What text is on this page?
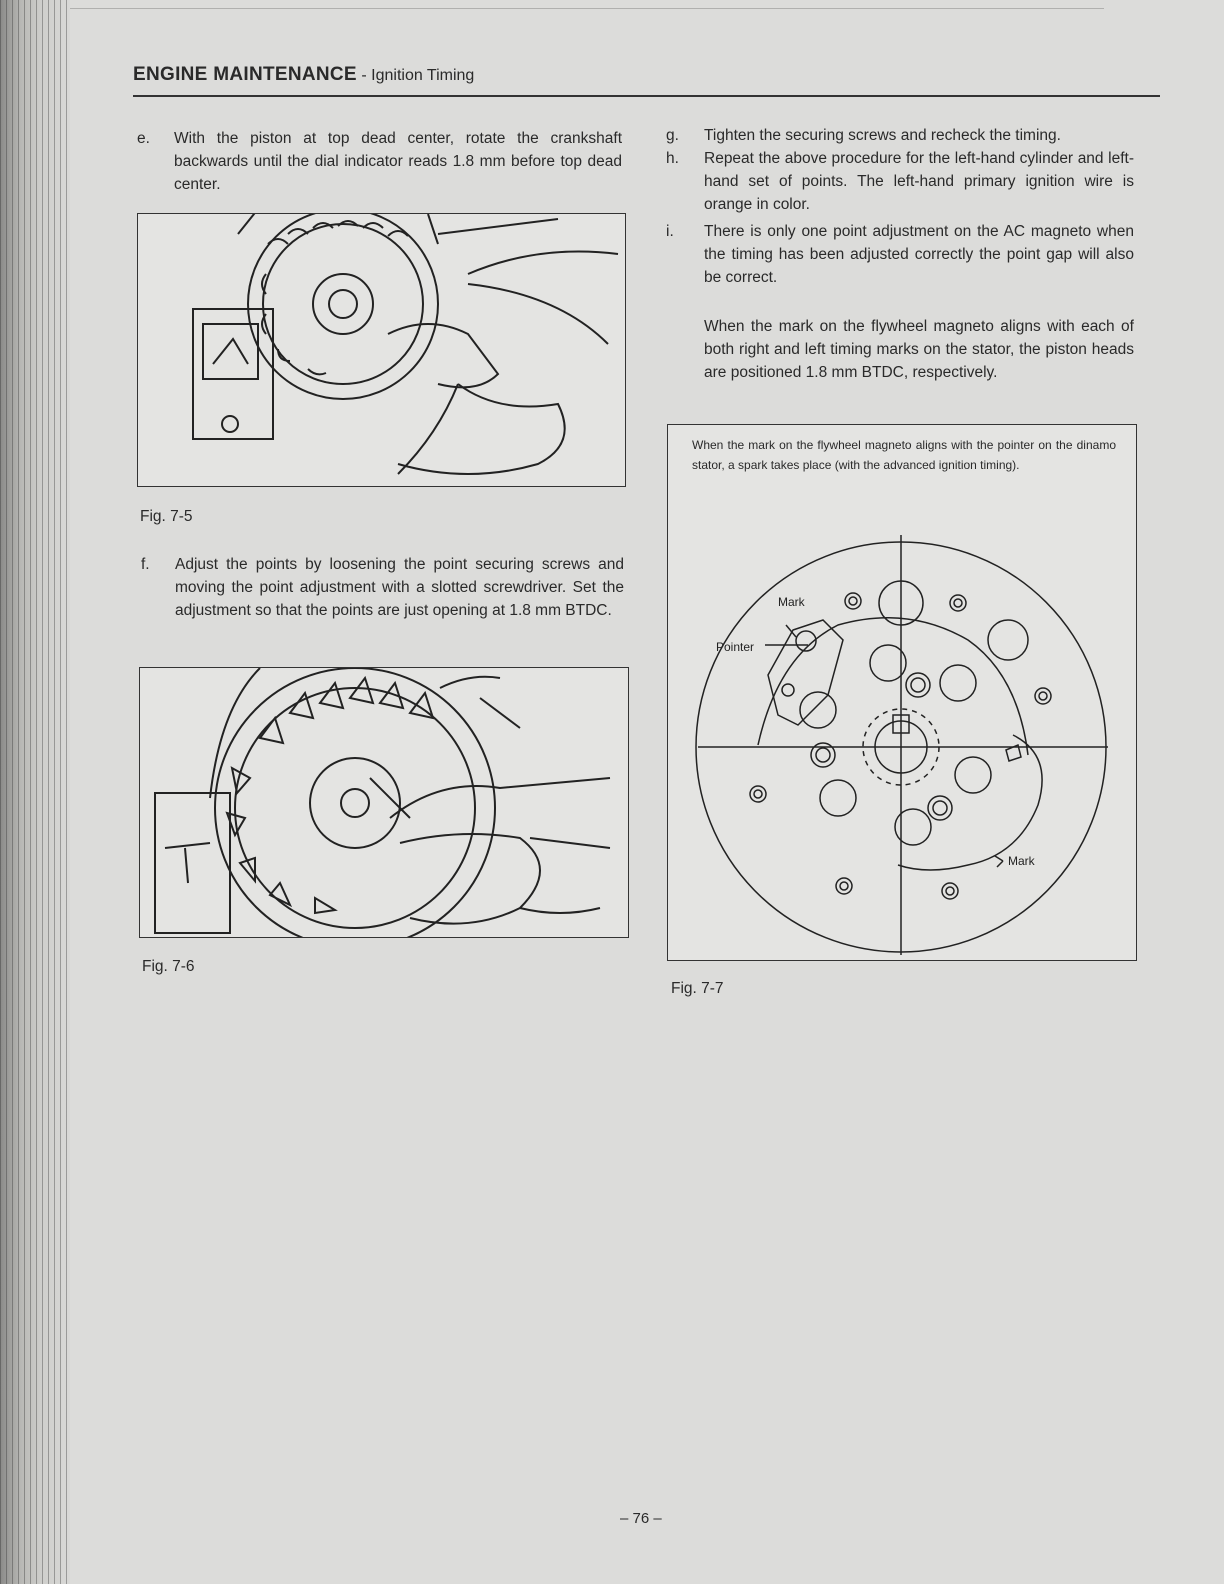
ENGINE MAINTENANCE - Ignition Timing
e. With the piston at top dead center, rotate the crankshaft backwards until the dial indicator reads 1.8 mm before top dead center.
Fig. 7-5
f. Adjust the points by loosening the point securing screws and moving the point adjustment with a slotted screwdriver. Set the adjustment so that the points are just opening at 1.8 mm BTDC.
Fig. 7-6
g. Tighten the securing screws and recheck the timing.
h. Repeat the above procedure for the left-hand cylinder and left-hand set of points. The left-hand primary ignition wire is orange in color.
i. There is only one point adjustment on the AC magneto when the timing has been adjusted correctly the point gap will also be correct.
When the mark on the flywheel magneto aligns with each of both right and left timing marks on the stator, the piston heads are positioned 1.8 mm BTDC, respectively.
When the mark on the flywheel magneto aligns with the pointer on the dinamo stator, a spark takes place (with the advanced ignition timing).
Mark
Pointer
Mark
Fig. 7-7
– 76 –
